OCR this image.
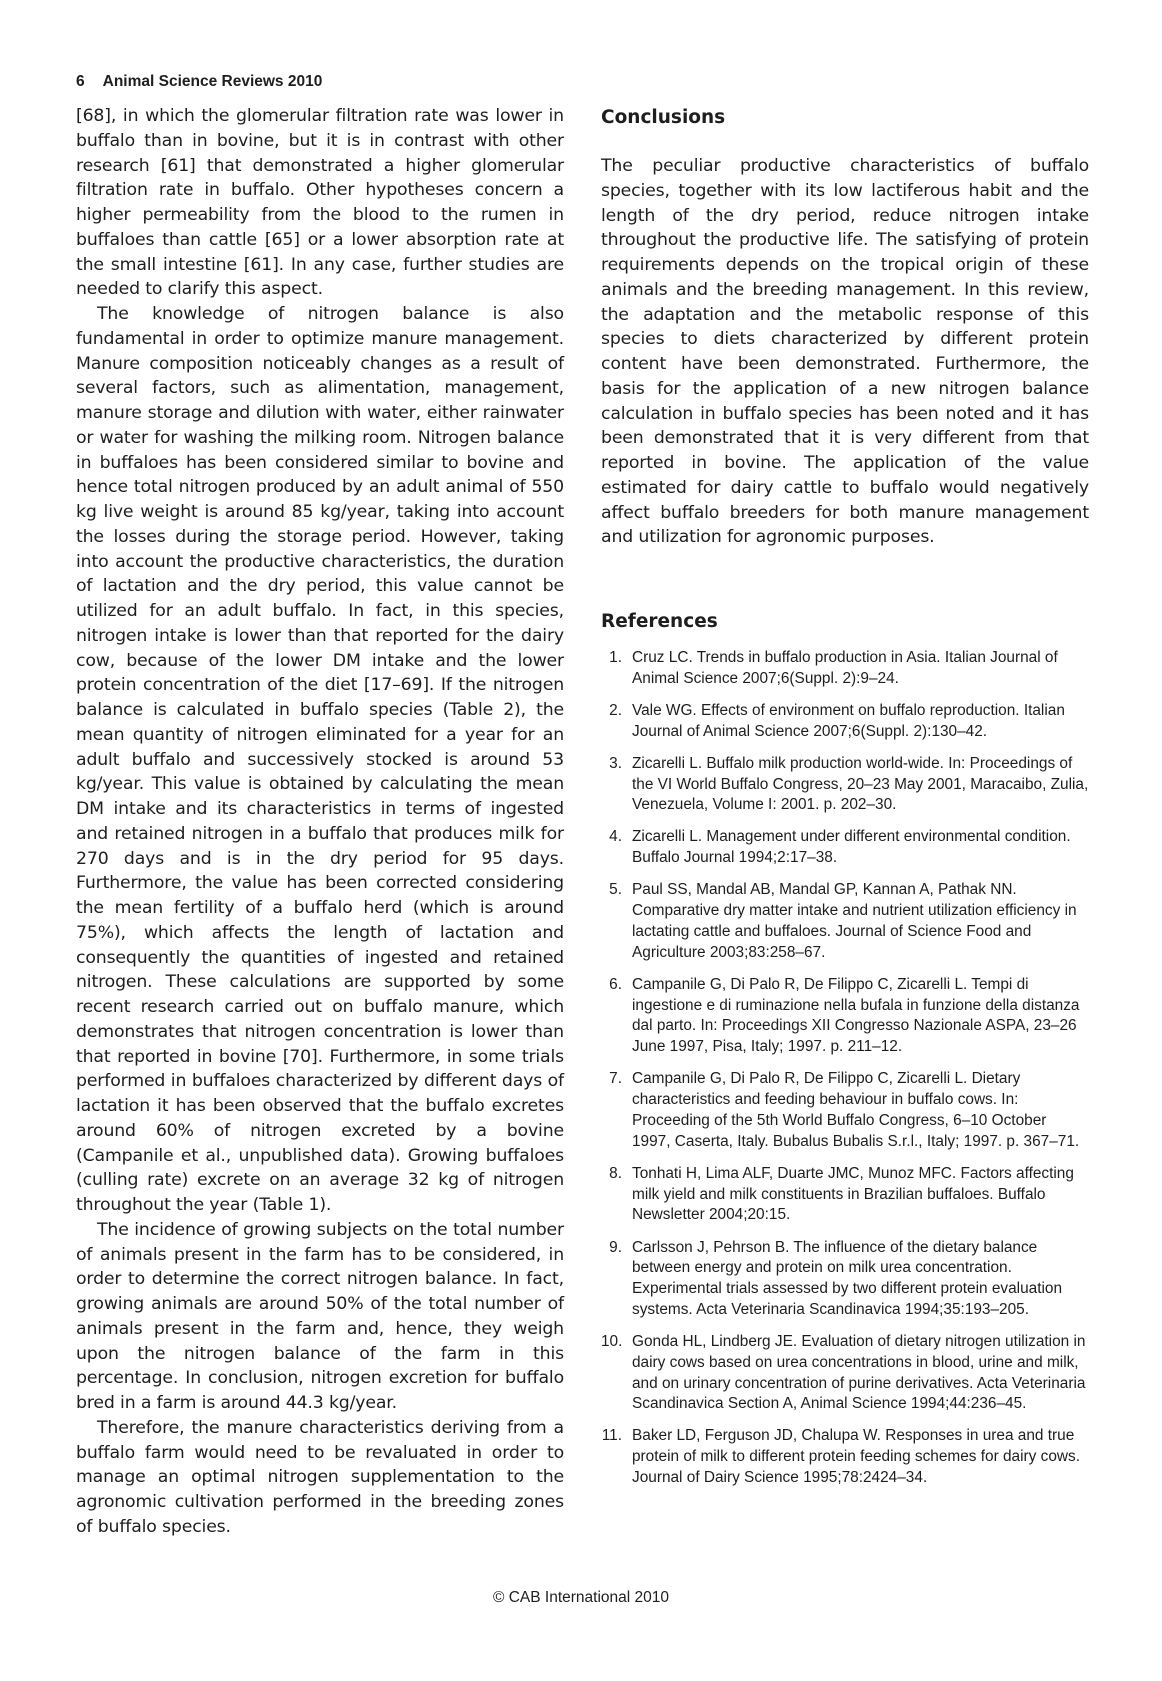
6 Animal Science Reviews 2010

[68], in which the glomerular filtration rate was lower in buffalo than in bovine, but it is in contrast with other research [61] that demonstrated a higher glomerular filtration rate in buffalo. Other hypotheses concern a higher permeability from the blood to the rumen in buffaloes than cattle [65] or a lower absorption rate at the small intestine [61]. In any case, further studies are needed to clarify this aspect.

The knowledge of nitrogen balance is also fundamental in order to optimize manure management. Manure composition noticeably changes as a result of several factors, such as alimentation, management, manure storage and dilution with water, either rainwater or water for washing the milking room. Nitrogen balance in buffaloes has been considered similar to bovine and hence total nitrogen produced by an adult animal of 550 kg live weight is around 85 kg/year, taking into account the losses during the storage period. However, taking into account the productive characteristics, the duration of lactation and the dry period, this value cannot be utilized for an adult buffalo. In fact, in this species, nitrogen intake is lower than that reported for the dairy cow, because of the lower DM intake and the lower protein concentration of the diet [17–69]. If the nitrogen balance is calculated in buffalo species (Table 2), the mean quantity of nitrogen eliminated for a year for an adult buffalo and successively stocked is around 53 kg/year. This value is obtained by calculating the mean DM intake and its characteristics in terms of ingested and retained nitrogen in a buffalo that produces milk for 270 days and is in the dry period for 95 days. Furthermore, the value has been corrected considering the mean fertility of a buffalo herd (which is around 75%), which affects the length of lactation and consequently the quantities of ingested and retained nitrogen. These calculations are supported by some recent research carried out on buffalo manure, which demonstrates that nitrogen concentration is lower than that reported in bovine [70]. Furthermore, in some trials performed in buffaloes characterized by different days of lactation it has been observed that the buffalo excretes around 60% of nitrogen excreted by a bovine (Campanile et al., unpublished data). Growing buffaloes (culling rate) excrete on an average 32 kg of nitrogen throughout the year (Table 1).

The incidence of growing subjects on the total number of animals present in the farm has to be considered, in order to determine the correct nitrogen balance. In fact, growing animals are around 50% of the total number of animals present in the farm and, hence, they weigh upon the nitrogen balance of the farm in this percentage. In conclusion, nitrogen excretion for buffalo bred in a farm is around 44.3 kg/year.

Therefore, the manure characteristics deriving from a buffalo farm would need to be revaluated in order to manage an optimal nitrogen supplementation to the agronomic cultivation performed in the breeding zones of buffalo species.

Conclusions

The peculiar productive characteristics of buffalo species, together with its low lactiferous habit and the length of the dry period, reduce nitrogen intake throughout the productive life. The satisfying of protein requirements depends on the tropical origin of these animals and the breeding management. In this review, the adaptation and the metabolic response of this species to diets characterized by different protein content have been demonstrated. Furthermore, the basis for the application of a new nitrogen balance calculation in buffalo species has been noted and it has been demonstrated that it is very different from that reported in bovine. The application of the value estimated for dairy cattle to buffalo would negatively affect buffalo breeders for both manure management and utilization for agronomic purposes.

References
1. Cruz LC. Trends in buffalo production in Asia. Italian Journal of Animal Science 2007;6(Suppl. 2):9–24.
2. Vale WG. Effects of environment on buffalo reproduction. Italian Journal of Animal Science 2007;6(Suppl. 2):130–42.
3. Zicarelli L. Buffalo milk production world-wide. In: Proceedings of the VI World Buffalo Congress, 20–23 May 2001, Maracaibo, Zulia, Venezuela, Volume I: 2001. p. 202–30.
4. Zicarelli L. Management under different environmental condition. Buffalo Journal 1994;2:17–38.
5. Paul SS, Mandal AB, Mandal GP, Kannan A, Pathak NN. Comparative dry matter intake and nutrient utilization efficiency in lactating cattle and buffaloes. Journal of Science Food and Agriculture 2003;83:258–67.
6. Campanile G, Di Palo R, De Filippo C, Zicarelli L. Tempi di ingestione e di ruminazione nella bufala in funzione della distanza dal parto. In: Proceedings XII Congresso Nazionale ASPA, 23–26 June 1997, Pisa, Italy; 1997. p. 211–12.
7. Campanile G, Di Palo R, De Filippo C, Zicarelli L. Dietary characteristics and feeding behaviour in buffalo cows. In: Proceeding of the 5th World Buffalo Congress, 6–10 October 1997, Caserta, Italy. Bubalus Bubalis S.r.l., Italy; 1997. p. 367–71.
8. Tonhati H, Lima ALF, Duarte JMC, Munoz MFC. Factors affecting milk yield and milk constituents in Brazilian buffaloes. Buffalo Newsletter 2004;20:15.
9. Carlsson J, Pehrson B. The influence of the dietary balance between energy and protein on milk urea concentration. Experimental trials assessed by two different protein evaluation systems. Acta Veterinaria Scandinavica 1994;35:193–205.
10. Gonda HL, Lindberg JE. Evaluation of dietary nitrogen utilization in dairy cows based on urea concentrations in blood, urine and milk, and on urinary concentration of purine derivatives. Acta Veterinaria Scandinavica Section A, Animal Science 1994;44:236–45.
11. Baker LD, Ferguson JD, Chalupa W. Responses in urea and true protein of milk to different protein feeding schemes for dairy cows. Journal of Dairy Science 1995;78:2424–34.
© CAB International 2010
